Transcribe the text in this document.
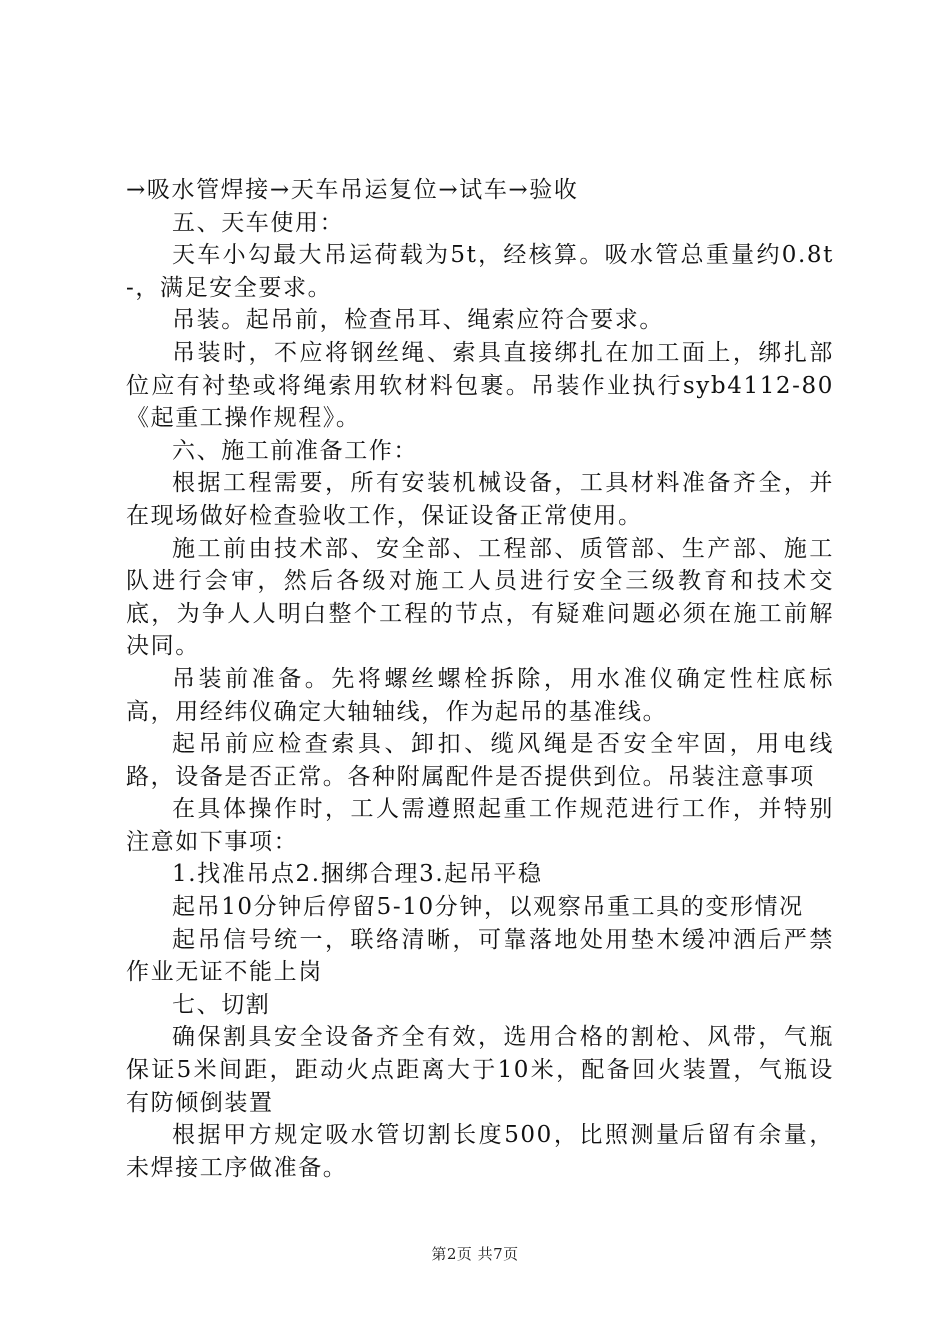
→吸水管焊接→天车吊运复位→试车→验收

五、天车使用：

天车小勾最大吊运荷载为5t，经核算。吸水管总重量约0.8t-，满足安全要求。

吊装。起吊前，检查吊耳、绳索应符合要求。

吊装时，不应将钢丝绳、索具直接绑扎在加工面上，绑扎部位应有衬垫或将绳索用软材料包裹。吊装作业执行syb4112-80《起重工操作规程》。

六、施工前准备工作：

根据工程需要，所有安装机械设备，工具材料准备齐全，并在现场做好检查验收工作，保证设备正常使用。

施工前由技术部、安全部、工程部、质管部、生产部、施工队进行会审，然后各级对施工人员进行安全三级教育和技术交底，为争人人明白整个工程的节点，有疑难问题必须在施工前解决同。

吊装前准备。先将螺丝螺栓拆除，用水准仪确定性柱底标高，用经纬仪确定大轴轴线，作为起吊的基准线。

起吊前应检查索具、卸扣、缆风绳是否安全牢固，用电线路，设备是否正常。各种附属配件是否提供到位。吊装注意事项

在具体操作时，工人需遵照起重工作规范进行工作，并特别注意如下事项：

1.找准吊点2.捆绑合理3.起吊平稳

起吊10分钟后停留5-10分钟，以观察吊重工具的变形情况

起吊信号统一，联络清晰，可靠落地处用垫木缓冲洒后严禁作业无证不能上岗

七、切割

确保割具安全设备齐全有效，选用合格的割枪、风带，气瓶保证5米间距，距动火点距离大于10米，配备回火装置，气瓶设有防倾倒装置

根据甲方规定吸水管切割长度500，比照测量后留有余量，未焊接工序做准备。

第2页 共7页
